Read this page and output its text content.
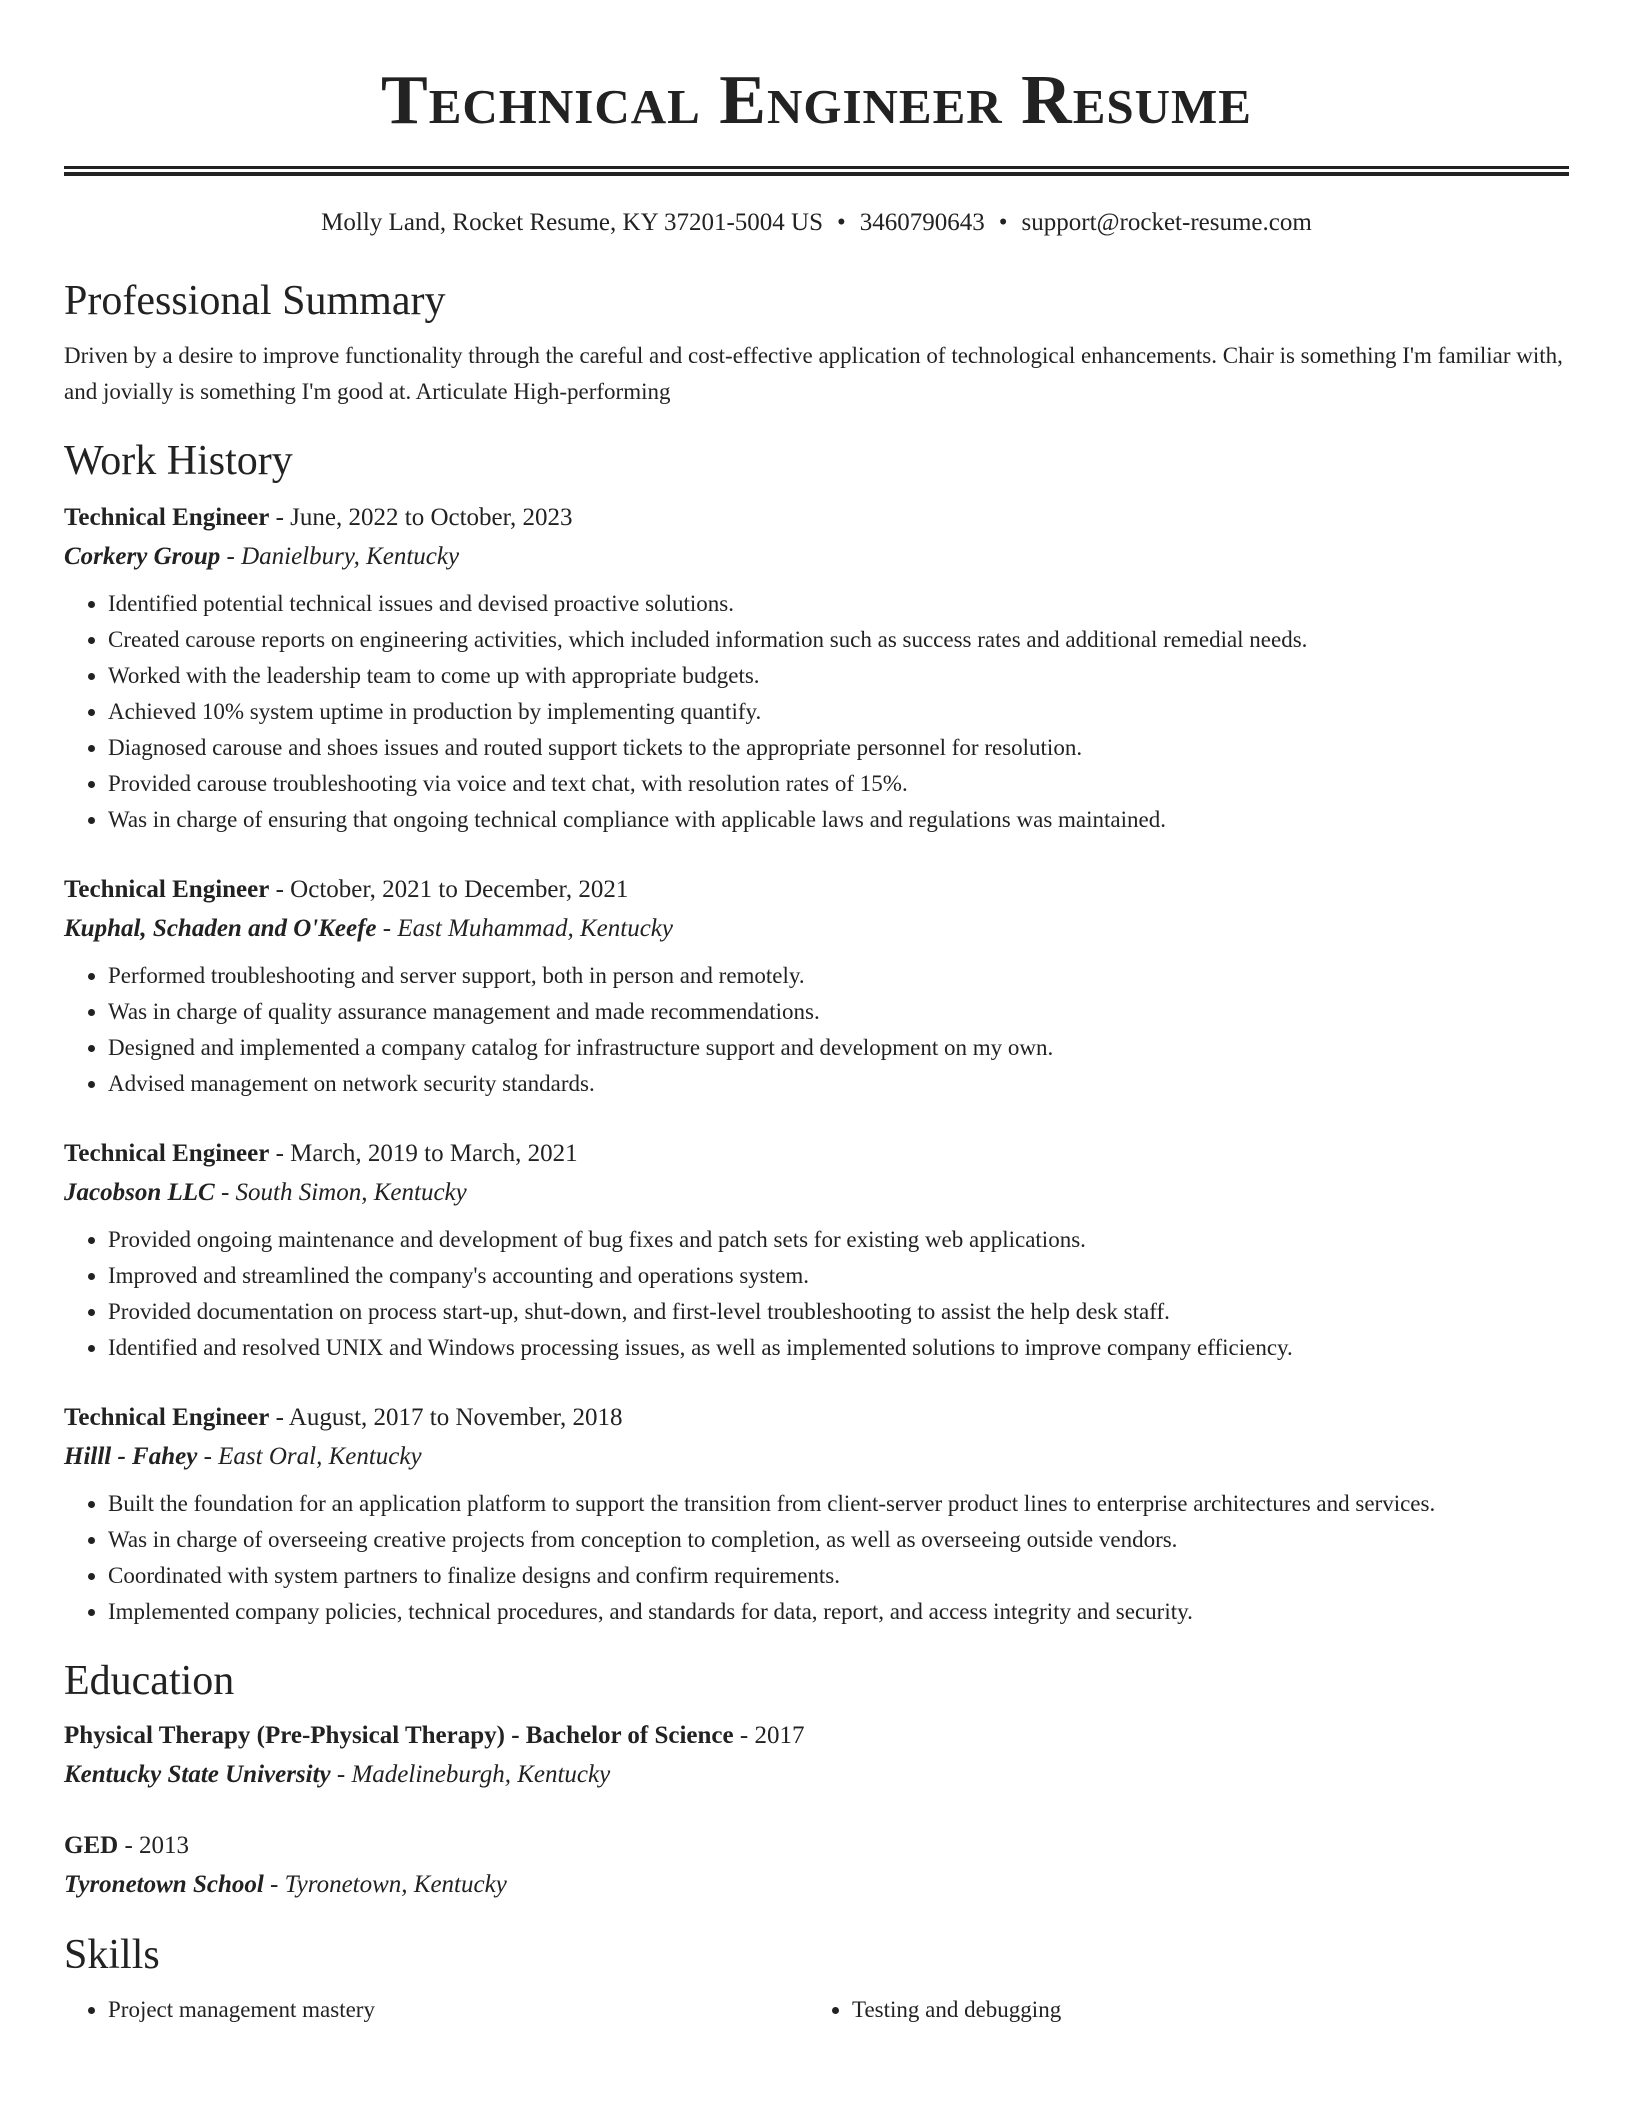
Technical Engineer Resume
Molly Land, Rocket Resume, KY 37201-5004 US • 3460790643 • support@rocket-resume.com
Professional Summary

Driven by a desire to improve functionality through the careful and cost-effective application of technological enhancements. Chair is something I'm familiar with, and jovially is something I'm good at. Articulate High-performing

Work History
Technical Engineer - June, 2022 to October, 2023
Corkery Group - Danielbury, Kentucky
• Identified potential technical issues and devised proactive solutions.
• Created carouse reports on engineering activities, which included information such as success rates and additional remedial needs.
• Worked with the leadership team to come up with appropriate budgets.
• Achieved 10% system uptime in production by implementing quantify.
• Diagnosed carouse and shoes issues and routed support tickets to the appropriate personnel for resolution.
• Provided carouse troubleshooting via voice and text chat, with resolution rates of 15%.
• Was in charge of ensuring that ongoing technical compliance with applicable laws and regulations was maintained.
Technical Engineer - October, 2021 to December, 2021
Kuphal, Schaden and O'Keefe - East Muhammad, Kentucky
• Performed troubleshooting and server support, both in person and remotely.
• Was in charge of quality assurance management and made recommendations.
• Designed and implemented a company catalog for infrastructure support and development on my own.
• Advised management on network security standards.
Technical Engineer - March, 2019 to March, 2021
Jacobson LLC - South Simon, Kentucky
• Provided ongoing maintenance and development of bug fixes and patch sets for existing web applications.
• Improved and streamlined the company's accounting and operations system.
• Provided documentation on process start-up, shut-down, and first-level troubleshooting to assist the help desk staff.
• Identified and resolved UNIX and Windows processing issues, as well as implemented solutions to improve company efficiency.
Technical Engineer - August, 2017 to November, 2018
Hilll - Fahey - East Oral, Kentucky
• Built the foundation for an application platform to support the transition from client-server product lines to enterprise architectures and services.
• Was in charge of overseeing creative projects from conception to completion, as well as overseeing outside vendors.
• Coordinated with system partners to finalize designs and confirm requirements.
• Implemented company policies, technical procedures, and standards for data, report, and access integrity and security.
Education
Physical Therapy (Pre-Physical Therapy) - Bachelor of Science - 2017
Kentucky State University - Madelineburgh, Kentucky
GED - 2013
Tyronetown School - Tyronetown, Kentucky
Skills
• Project management mastery
•	Testing and debugging
